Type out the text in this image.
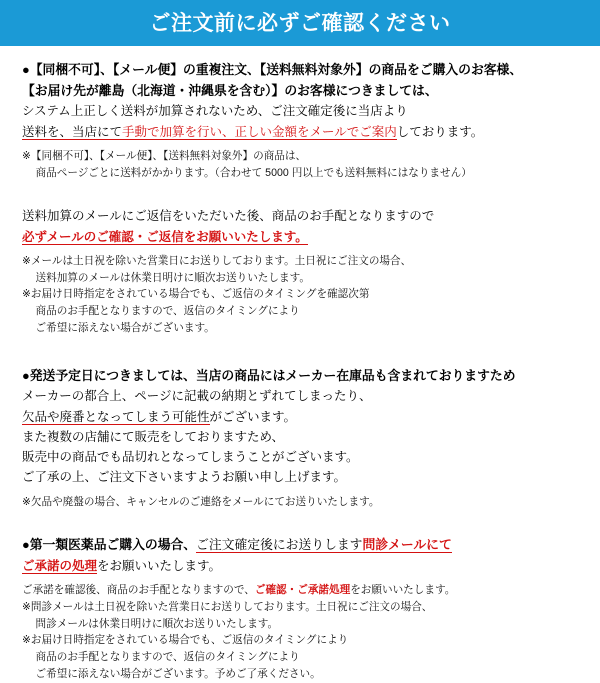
ご注文前に必ずご確認ください
●【同梱不可】、【メール便】の重複注文、【送料無料対象外】の商品をご購入のお客様、
【お届け先が離島（北海道・沖縄県を含む）】のお客様につきましては、
システム上正しく送料が加算されないため、ご注文確定後に当店より
送料を、当店にて手動で加算を行い、正しい金額をメールでご案内しております。
※【同梱不可】、【メール便】、【送料無料対象外】の商品は、
　 商品ページごとに送料がかかります。（合わせて 5000 円以上でも送料無料にはなりません）
送料加算のメールにご返信をいただいた後、商品のお手配となりますので
必ずメールのご確認・ご返信をお願いいたします。
※メールは土日祝を除いた営業日にお送りしております。土日祝にご注文の場合、
　 送料加算のメールは休業日明けに順次お送りいたします。
※お届け日時指定をされている場合でも、ご返信のタイミングを確認次第
　 商品のお手配となりますので、返信のタイミングにより
　 ご希望に添えない場合がございます。
●発送予定日につきましては、当店の商品にはメーカー在庫品も含まれておりますため
メーカーの都合上、ページに記載の納期とずれてしまったり、
欠品や廃番となってしまう可能性がございます。
また複数の店舗にて販売をしておりますため、
販売中の商品でも品切れとなってしまうことがございます。
ご了承の上、ご注文下さいますようお願い申し上げます。
※欠品や廃盤の場合、キャンセルのご連絡をメールにてお送りいたします。
●第一類医薬品ご購入の場合、ご注文確定後にお送りします問診メールにて
ご承諾の処理をお願いいたします。
ご承諾を確認後、商品のお手配となりますので、ご確認・ご承諾処理をお願いいたします。
※問診メールは土日祝を除いた営業日にお送りしております。土日祝にご注文の場合、
　 問診メールは休業日明けに順次お送りいたします。
※お届け日時指定をされている場合でも、ご返信のタイミングにより
　 商品のお手配となりますので、返信のタイミングにより
　 ご希望に添えない場合がございます。予めご了承ください。
